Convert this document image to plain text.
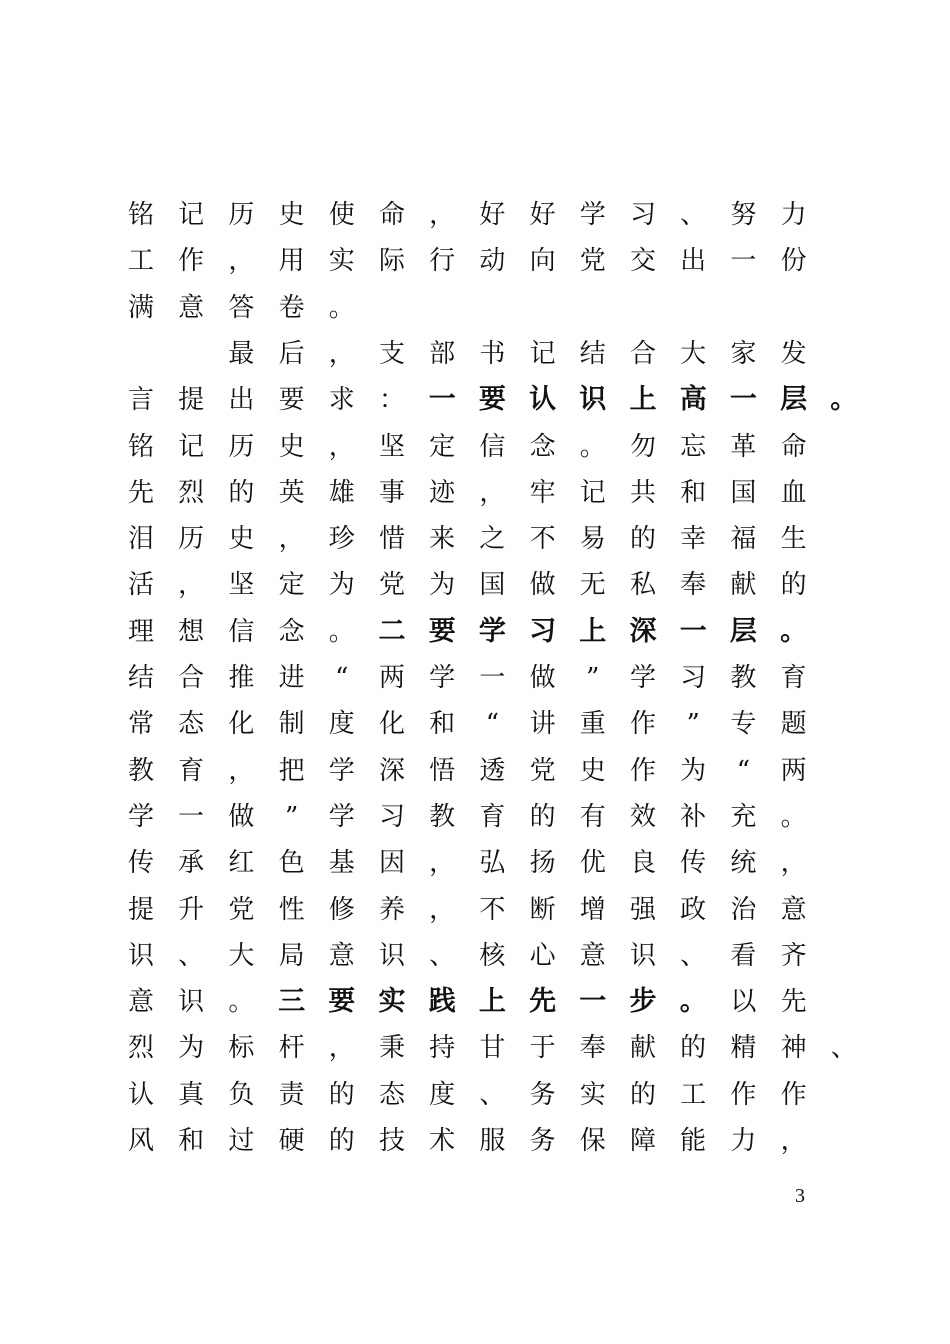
铭 记 历 史 使 命 ， 好 好 学 习 、 努 力
工 作 ， 用 实 际 行 动 向 党 交 出 一 份
满 意 答 卷 。
最 后 ， 支 部 书 记 结 合 大 家 发
言 提 出 要 求 ： 一 要 认 识 上 高 一 层 。
铭 记 历 史 ， 坚 定 信 念 。 勿 忘 革 命
先 烈 的 英 雄 事 迹 ， 牢 记 共 和 国 血
泪 历 史 ， 珍 惜 来 之 不 易 的 幸 福 生
活 ， 坚 定 为 党 为 国 做 无 私 奉 献 的
理 想 信 念 。 二 要 学 习 上 深 一 层 。
结 合 推 进	“	两 学 一 做	”	学 习 教 育
常 态 化 制 度 化 和	“	讲 重 作	”	专 题
教 育 ， 把 学 深 悟 透 党 史 作 为	“	两
学 一 做	”	学 习 教 育 的 有 效 补 充 。
传 承 红 色 基 因 ， 弘 扬 优 良 传 统 ，
提 升 党 性 修 养 ， 不 断 增 强 政 治 意
识 、 大 局 意 识 、 核 心 意 识 、 看 齐
意 识 。 三 要 实 践 上 先 一 步 。 以 先
烈 为 标 杆 ， 秉 持 甘 于 奉 献 的 精 神 、
认 真 负 责 的 态 度 、 务 实 的 工 作 作
风 和 过 硬 的 技 术 服 务 保 障 能 力 ，
3
